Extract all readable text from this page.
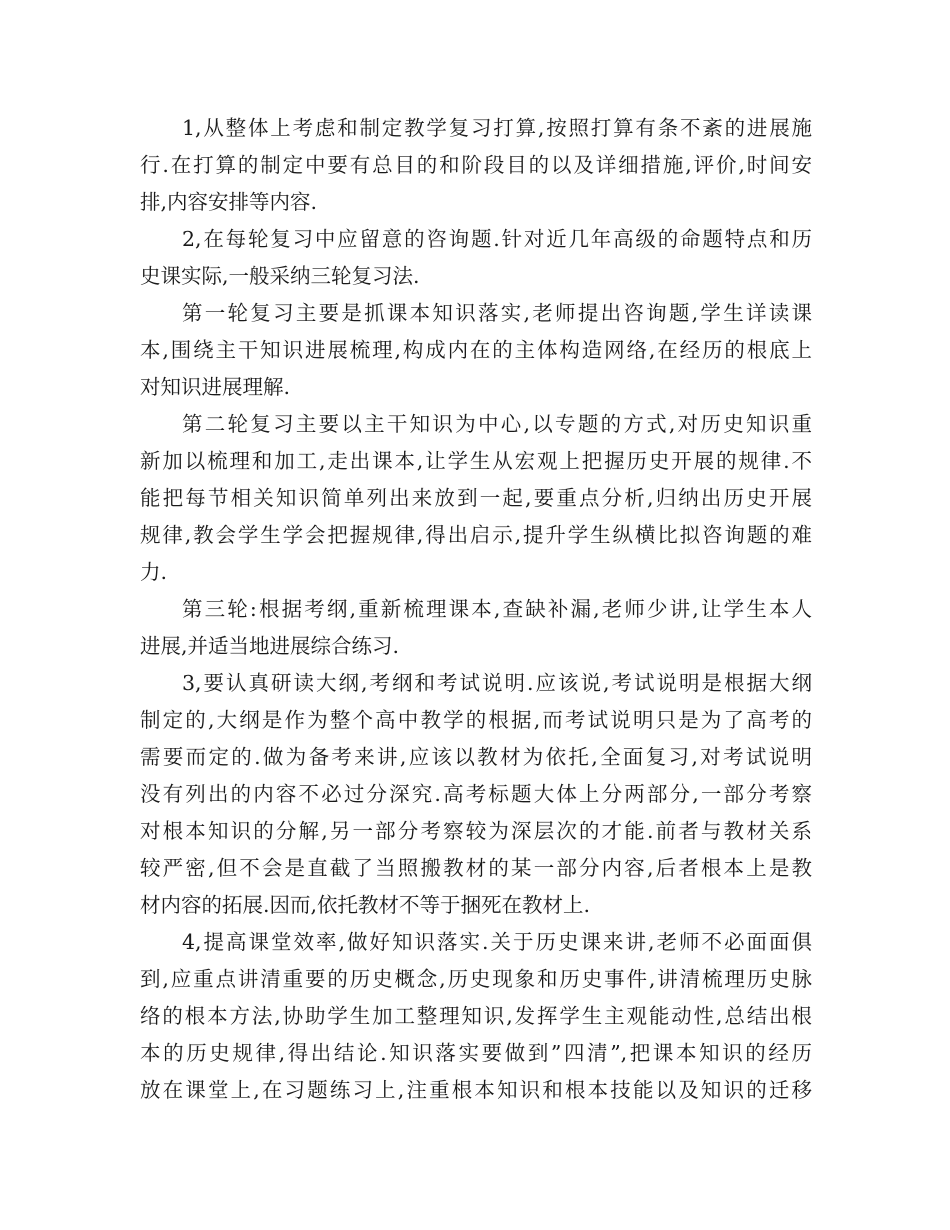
1,从整体上考虑和制定教学复习打算,按照打算有条不紊的进展施
行.在打算的制定中要有总目的和阶段目的以及详细措施,评价,时间安
排,内容安排等内容.
2,在每轮复习中应留意的咨询题.针对近几年高级的命题特点和历
史课实际,一般采纳三轮复习法.
第一轮复习主要是抓课本知识落实,老师提出咨询题,学生详读课
本,围绕主干知识进展梳理,构成内在的主体构造网络,在经历的根底上
对知识进展理解.
第二轮复习主要以主干知识为中心,以专题的方式,对历史知识重
新加以梳理和加工,走出课本,让学生从宏观上把握历史开展的规律.不
能把每节相关知识简单列出来放到一起,要重点分析,归纳出历史开展
规律,教会学生学会把握规律,得出启示,提升学生纵横比拟咨询题的难
力.
第三轮:根据考纲,重新梳理课本,查缺补漏,老师少讲,让学生本人
进展,并适当地进展综合练习.
3,要认真研读大纲,考纲和考试说明.应该说,考试说明是根据大纲
制定的,大纲是作为整个高中教学的根据,而考试说明只是为了高考的
需要而定的.做为备考来讲,应该以教材为依托,全面复习,对考试说明
没有列出的内容不必过分深究.高考标题大体上分两部分,一部分考察
对根本知识的分解,另一部分考察较为深层次的才能.前者与教材关系
较严密,但不会是直截了当照搬教材的某一部分内容,后者根本上是教
材内容的拓展.因而,依托教材不等于捆死在教材上.
4,提高课堂效率,做好知识落实.关于历史课来讲,老师不必面面俱
到,应重点讲清重要的历史概念,历史现象和历史事件,讲清梳理历史脉
络的根本方法,协助学生加工整理知识,发挥学生主观能动性,总结出根
本的历史规律,得出结论.知识落实要做到”四清”,把课本知识的经历
放在课堂上,在习题练习上,注重根本知识和根本技能以及知识的迁移
